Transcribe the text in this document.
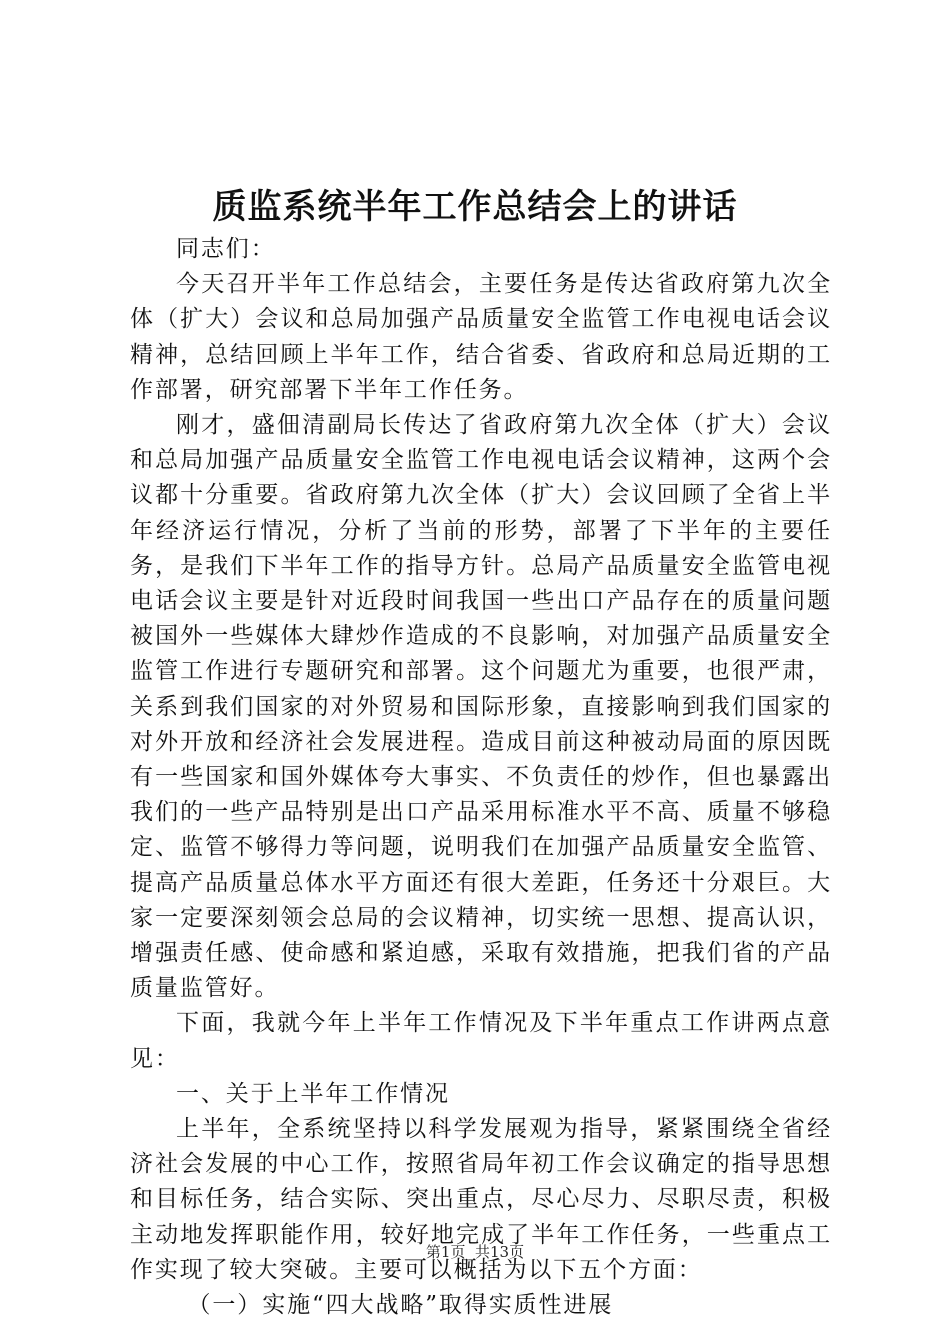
质监系统半年工作总结会上的讲话

同志们：

今天召开半年工作总结会，主要任务是传达省政府第九次全体（扩大）会议和总局加强产品质量安全监管工作电视电话会议精神，总结回顾上半年工作，结合省委、省政府和总局近期的工作部署，研究部署下半年工作任务。

刚才，盛佃清副局长传达了省政府第九次全体（扩大）会议和总局加强产品质量安全监管工作电视电话会议精神，这两个会议都十分重要。省政府第九次全体（扩大）会议回顾了全省上半年经济运行情况，分析了当前的形势，部署了下半年的主要任务，是我们下半年工作的指导方针。总局产品质量安全监管电视电话会议主要是针对近段时间我国一些出口产品存在的质量问题被国外一些媒体大肆炒作造成的不良影响，对加强产品质量安全监管工作进行专题研究和部署。这个问题尤为重要，也很严肃，关系到我们国家的对外贸易和国际形象，直接影响到我们国家的对外开放和经济社会发展进程。造成目前这种被动局面的原因既有一些国家和国外媒体夸大事实、不负责任的炒作，但也暴露出我们的一些产品特别是出口产品采用标准水平不高、质量不够稳定、监管不够得力等问题，说明我们在加强产品质量安全监管、提高产品质量总体水平方面还有很大差距，任务还十分艰巨。大家一定要深刻领会总局的会议精神，切实统一思想、提高认识，增强责任感、使命感和紧迫感，采取有效措施，把我们省的产品质量监管好。

下面，我就今年上半年工作情况及下半年重点工作讲两点意见：

一、关于上半年工作情况

上半年，全系统坚持以科学发展观为指导，紧紧围绕全省经济社会发展的中心工作，按照省局年初工作会议确定的指导思想和目标任务，结合实际、突出重点，尽心尽力、尽职尽责，积极主动地发挥职能作用，较好地完成了半年工作任务，一些重点工作实现了较大突破。主要可以概括为以下五个方面：

（一）实施“四大战略”取得实质性进展

第1页 共13页
